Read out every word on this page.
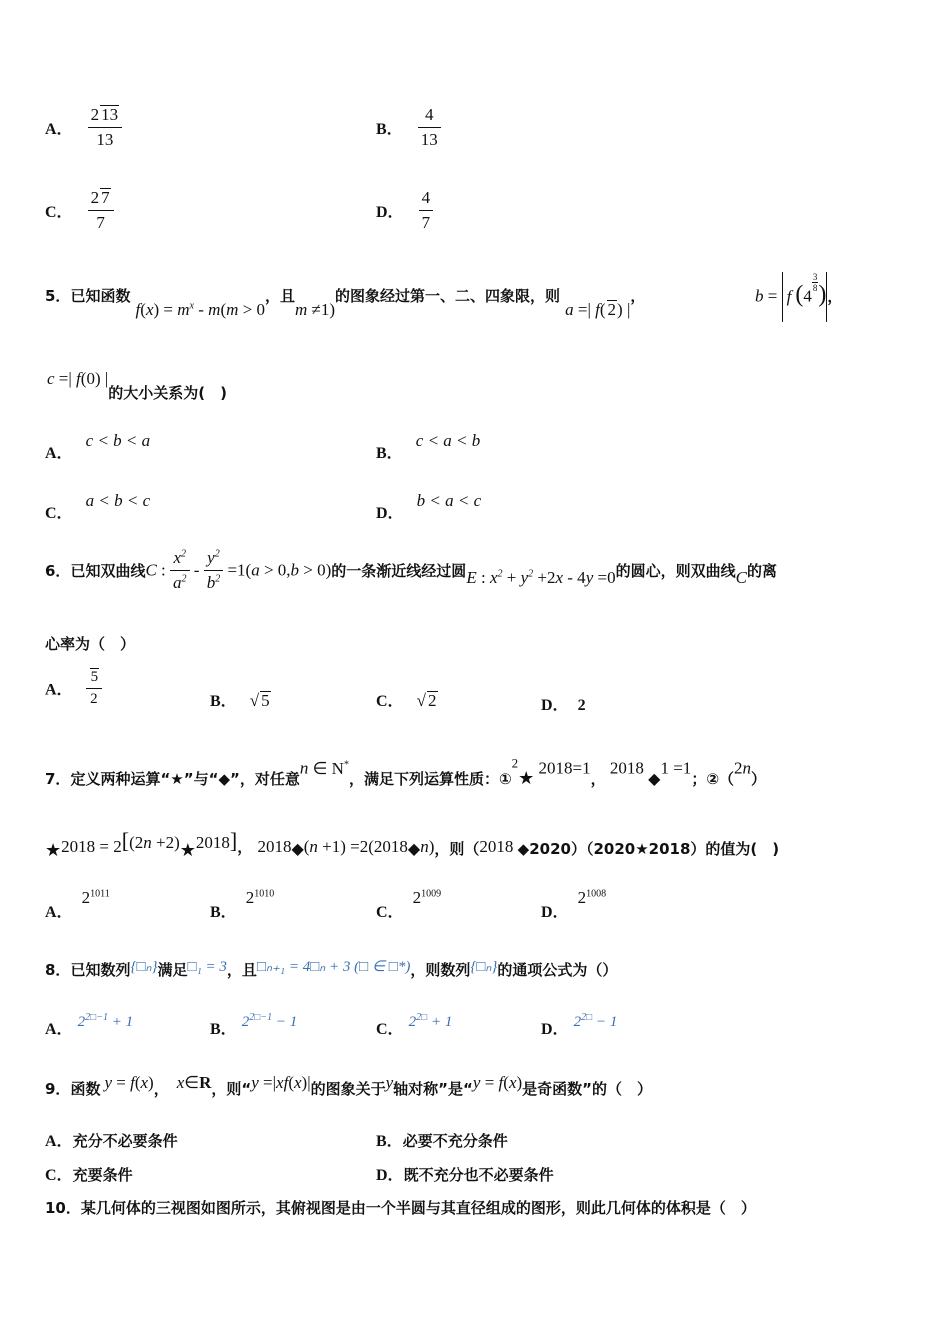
A． $\frac{2 13}{13}$	B． $\frac{4}{13}$
C． $\frac{2 7}{7}$	D． $\frac{4}{7}$
5．已知函数 $f(x) = m^x - m(m > 0$，且m ≠1)的图象经过第一、二、四象限，则 a =| f( 2) |，	b = f (4
$\frac{3}{8}$ )，
c =| f(0) |的大小关系为(　)
A． c < b < a
B． c < a < b
C． a < b < c
D． b < a < c
6．已知双曲线C : $\frac{x^2}{a^2} - \frac{y^2}{b^2} =1(a > 0,b > 0)$的一条渐近线经过圆E : $x^2 + y^2 +2x - 4y =0$的圆心，则双曲线C的离
心率为（　）
A． $\frac{5}{2}$	B． √ 5	C． √ 2	D． 2
7．定义两种运算“★”与“◆”，对任意n ∈ N*，满足下列运算性质：①$^2$★ 2018=1， 2018 ◆1 =1；②（2n）
★2018 = 2[(2n +2)★2018]， 2018◆(n +1) =2(2018◆n)，则（2018 ◆2020）（2020★2018）的值为(　)
A． $2^{1011}$
B． $2^{1010}$
C． $2^{1009}$
D． $2^{1008}$
8．已知数列{□ₙ}满足□₁ = 3，且□ₙ₊₁ = 4□ₙ + 3 (□ ∈ □*)，则数列{□ₙ}的通项公式为（）
A． $2^{2□-1} + 1$	B． $2^{2□-1} - 1$	C． $2^{2□} + 1$	D． $2^{2□} - 1$
9．函数 y = f(x)， x∈R，则“y =|xf(x)|的图象关于y轴对称”是“y = f(x)是奇函数”的（　）
A．充分不必要条件	B．必要不充分条件
C．充要条件	D．既不充分也不必要条件
10．某几何体的三视图如图所示，其俯视图是由一个半圆与其直径组成的图形，则此几何体的体积是（　）
